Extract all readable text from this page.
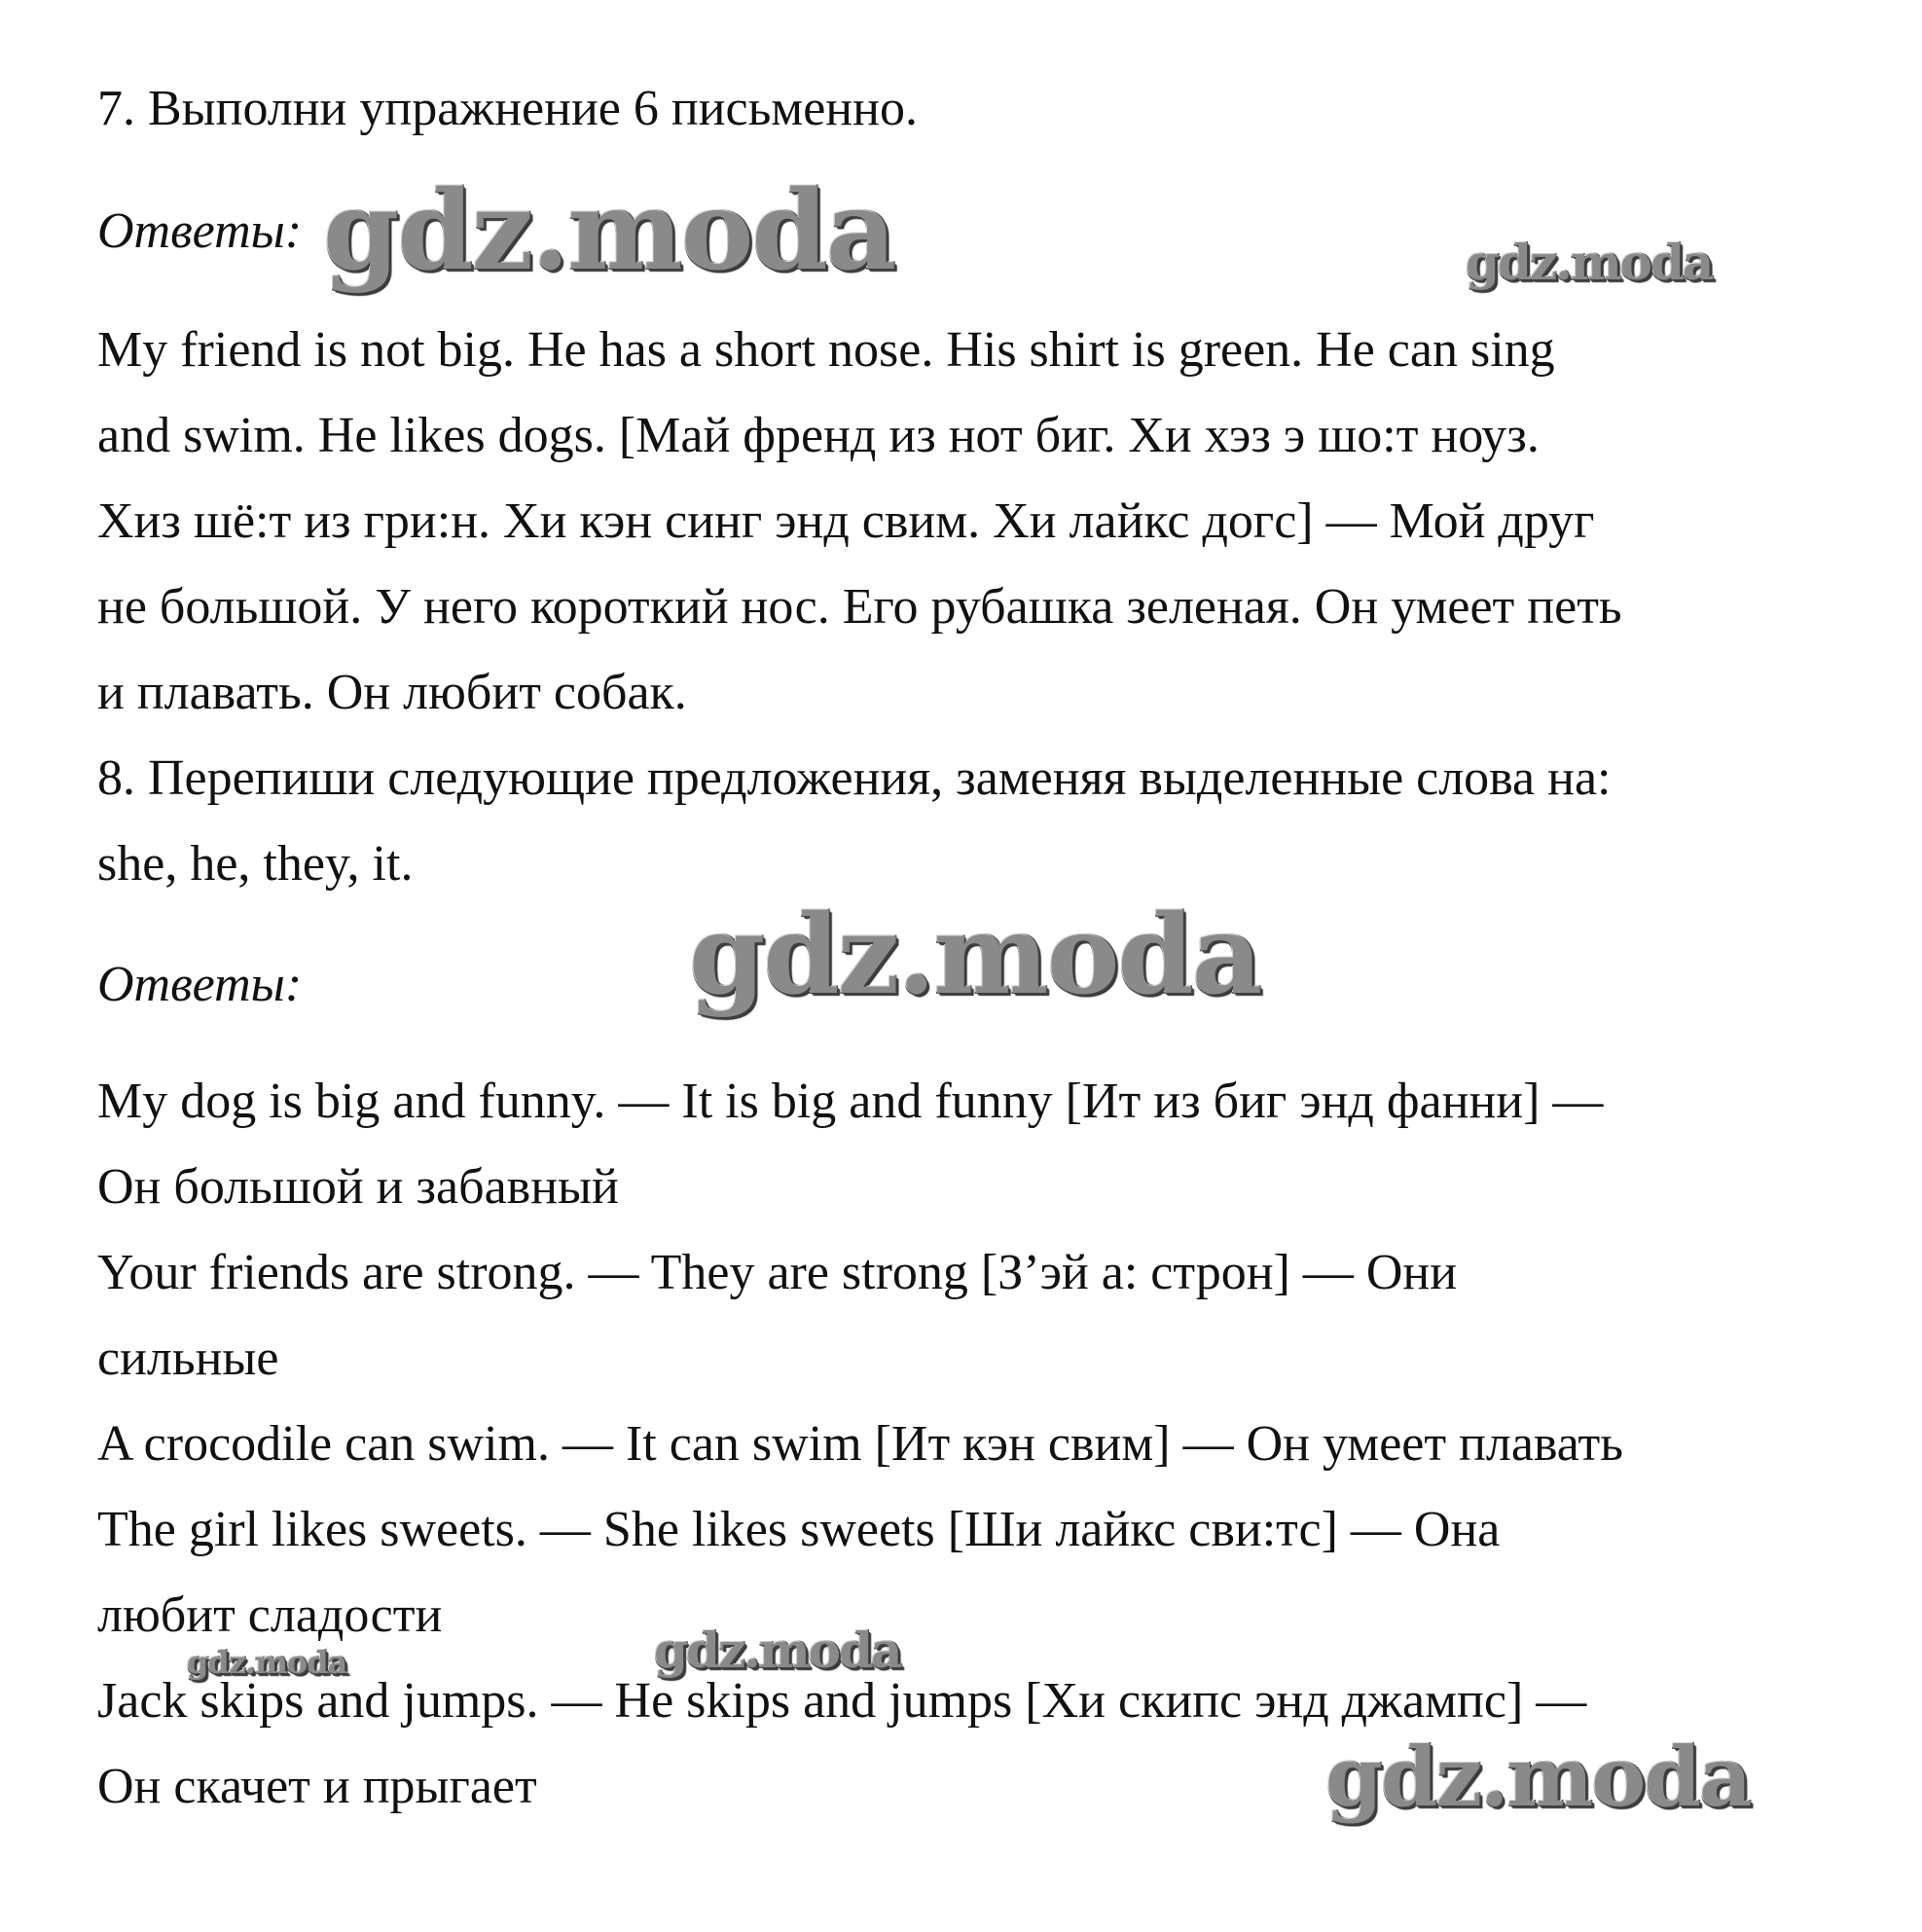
7. Выполни упражнение 6 письменно.
Ответы:
My friend is not big. He has a short nose. His shirt is green. He can sing
and swim. He likes dogs. [Май френд из нот биг. Хи хэз э шо:т ноуз.
Хиз шё:т из гри:н. Хи кэн синг энд свим. Хи лайкс догс] — Мой друг
не большой. У него короткий нос. Его рубашка зеленая. Он умеет петь
и плавать. Он любит собак.
8. Перепиши следующие предложения, заменяя выделенные слова на:
she, he, they, it.
Ответы:
My dog is big and funny. — It is big and funny [Ит из биг энд фанни] —
Он большой и забавный
Your friends are strong. — They are strong [З’эй а: строн] — Они
сильные
A crocodile can swim. — It can swim [Ит кэн свим] — Он умеет плавать
The girl likes sweets. — She likes sweets [Ши лайкс сви:тс] — Она
любит сладости
Jack skips and jumps. — He skips and jumps [Хи скипс энд джампс] —
Он скачет и прыгает
gdz.moda	gdz.moda
gdz.moda
gdz.moda	gdz.moda
gdz.moda
